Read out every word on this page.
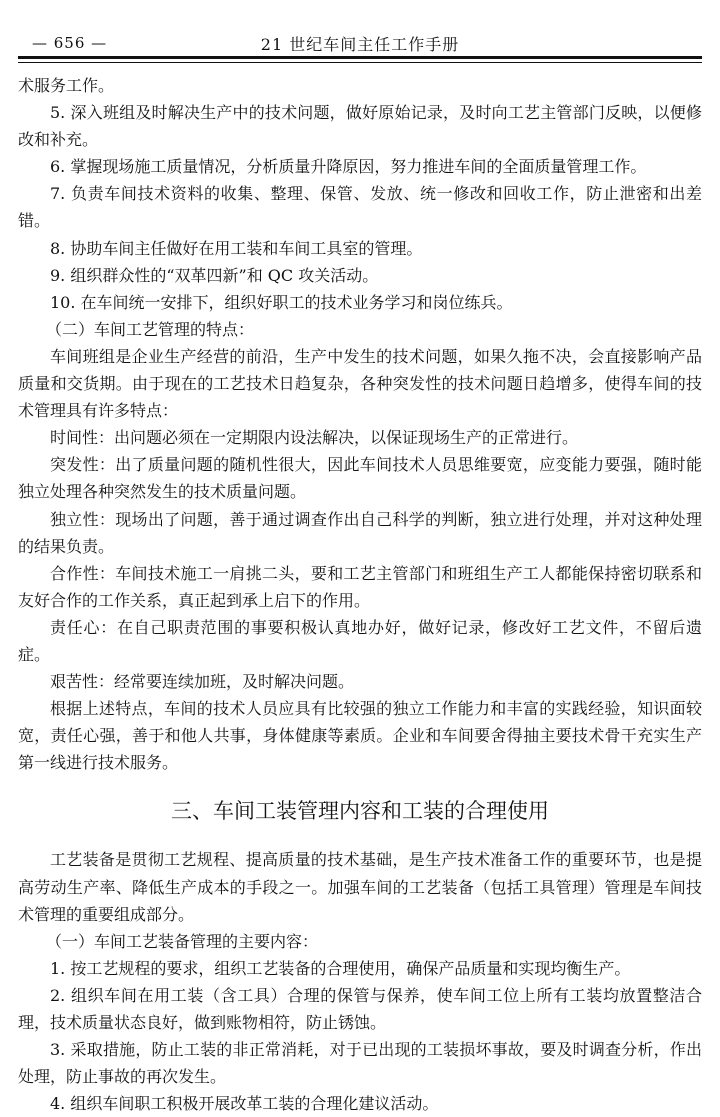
— 656 —	21 世纪车间主任工作手册

术服务工作。

5. 深入班组及时解决生产中的技术问题，做好原始记录，及时向工艺主管部门反映，以便修改和补充。

6. 掌握现场施工质量情况，分析质量升降原因，努力推进车间的全面质量管理工作。

7. 负责车间技术资料的收集、整理、保管、发放、统一修改和回收工作，防止泄密和出差错。

8. 协助车间主任做好在用工装和车间工具室的管理。

9. 组织群众性的“双革四新”和 QC 攻关活动。

10. 在车间统一安排下，组织好职工的技术业务学习和岗位练兵。

（二）车间工艺管理的特点：

车间班组是企业生产经营的前沿，生产中发生的技术问题，如果久拖不决，会直接影响产品质量和交货期。由于现在的工艺技术日趋复杂，各种突发性的技术问题日趋增多，使得车间的技术管理具有许多特点：

时间性：出问题必须在一定期限内设法解决，以保证现场生产的正常进行。

突发性：出了质量问题的随机性很大，因此车间技术人员思维要宽，应变能力要强，随时能独立处理各种突然发生的技术质量问题。

独立性：现场出了问题，善于通过调查作出自己科学的判断，独立进行处理，并对这种处理的结果负责。

合作性：车间技术施工一肩挑二头，要和工艺主管部门和班组生产工人都能保持密切联系和友好合作的工作关系，真正起到承上启下的作用。

责任心：在自己职责范围的事要积极认真地办好，做好记录，修改好工艺文件，不留后遗症。

艰苦性：经常要连续加班，及时解决问题。

根据上述特点，车间的技术人员应具有比较强的独立工作能力和丰富的实践经验，知识面较宽，责任心强，善于和他人共事，身体健康等素质。企业和车间要舍得抽主要技术骨干充实生产第一线进行技术服务。

三、车间工装管理内容和工装的合理使用

工艺装备是贯彻工艺规程、提高质量的技术基础，是生产技术准备工作的重要环节，也是提高劳动生产率、降低生产成本的手段之一。加强车间的工艺装备（包括工具管理）管理是车间技术管理的重要组成部分。

（一）车间工艺装备管理的主要内容：

1. 按工艺规程的要求，组织工艺装备的合理使用，确保产品质量和实现均衡生产。

2. 组织车间在用工装（含工具）合理的保管与保养，使车间工位上所有工装均放置整洁合理，技术质量状态良好，做到账物相符，防止锈蚀。

3. 采取措施，防止工装的非正常消耗，对于已出现的工装损坏事故，要及时调查分析，作出处理，防止事故的再次发生。

4. 组织车间职工积极开展改革工装的合理化建议活动。
